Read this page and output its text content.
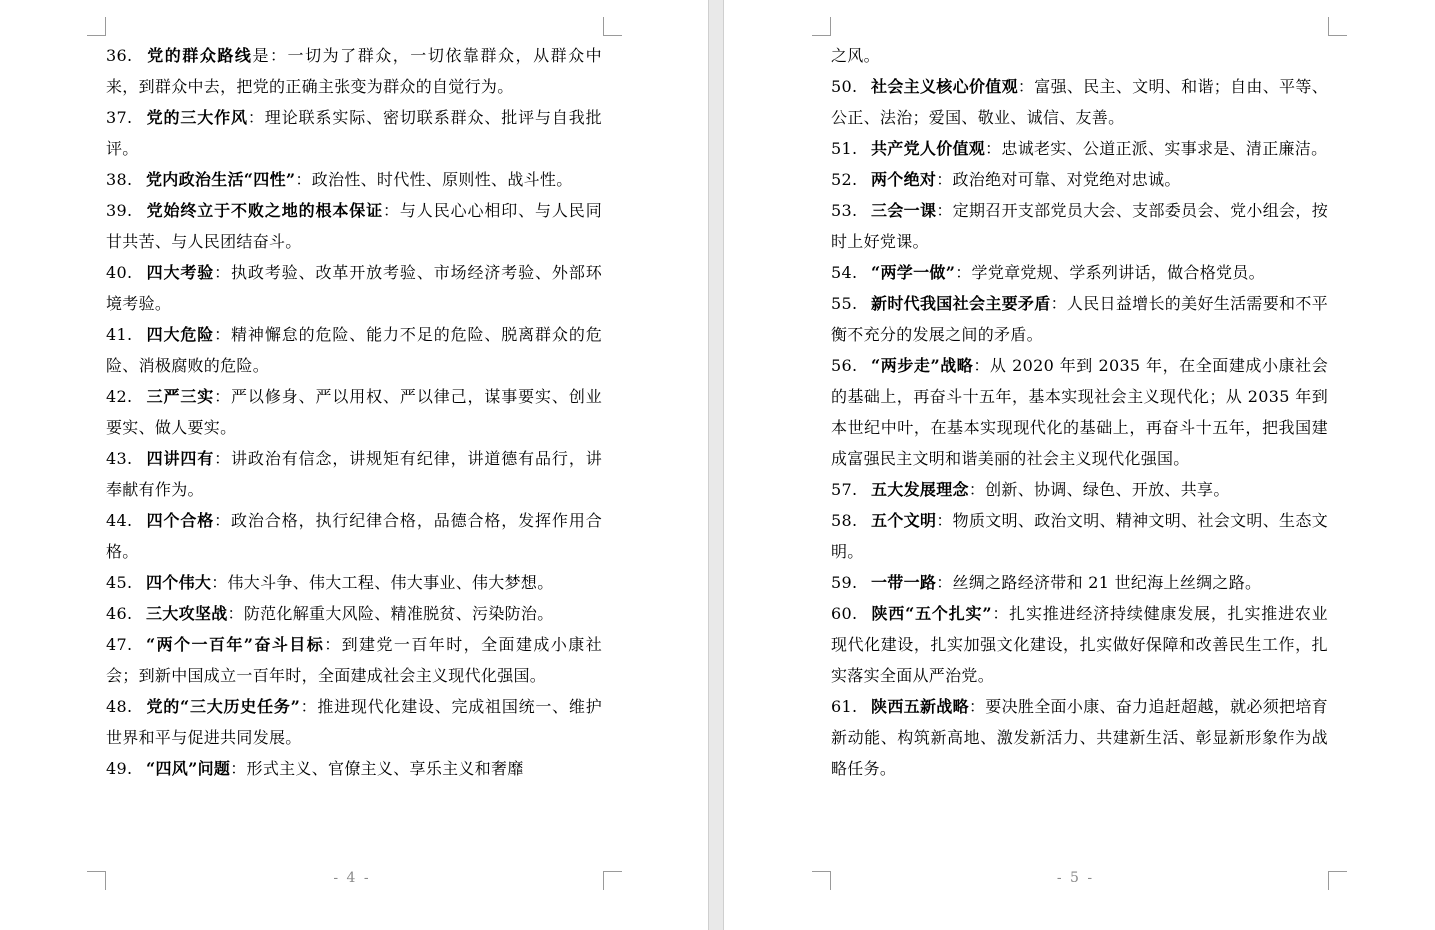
36. 党的群众路线是：一切为了群众，一切依靠群众，从群众中来，到群众中去，把党的正确主张变为群众的自觉行为。
37. 党的三大作风：理论联系实际、密切联系群众、批评与自我批评。
38. 党内政治生活“四性”：政治性、时代性、原则性、战斗性。
39. 党始终立于不败之地的根本保证：与人民心心相印、与人民同甘共苦、与人民团结奋斗。
40. 四大考验：执政考验、改革开放考验、市场经济考验、外部环境考验。
41. 四大危险：精神懈怠的危险、能力不足的危险、脱离群众的危险、消极腐败的危险。
42. 三严三实：严以修身、严以用权、严以律己，谋事要实、创业要实、做人要实。
43. 四讲四有：讲政治有信念，讲规矩有纪律，讲道德有品行，讲奉献有作为。
44. 四个合格：政治合格，执行纪律合格，品德合格，发挥作用合格。
45. 四个伟大：伟大斗争、伟大工程、伟大事业、伟大梦想。
46. 三大攻坚战：防范化解重大风险、精准脱贫、污染防治。
47. “两个一百年”奋斗目标：到建党一百年时，全面建成小康社会；到新中国成立一百年时，全面建成社会主义现代化强国。
48. 党的“三大历史任务”：推进现代化建设、完成祖国统一、维护世界和平与促进共同发展。
49. “四风”问题：形式主义、官僚主义、享乐主义和奢靡
- 4 -
之风。
50. 社会主义核心价值观：富强、民主、文明、和谐；自由、平等、公正、法治；爱国、敬业、诚信、友善。
51. 共产党人价值观：忠诚老实、公道正派、实事求是、清正廉洁。
52. 两个绝对：政治绝对可靠、对党绝对忠诚。
53. 三会一课：定期召开支部党员大会、支部委员会、党小组会，按时上好党课。
54. “两学一做”：学党章党规、学系列讲话，做合格党员。
55. 新时代我国社会主要矛盾：人民日益增长的美好生活需要和不平衡不充分的发展之间的矛盾。
56. “两步走”战略：从 2020 年到 2035 年，在全面建成小康社会的基础上，再奋斗十五年，基本实现社会主义现代化；从 2035 年到本世纪中叶，在基本实现现代化的基础上，再奋斗十五年，把我国建成富强民主文明和谐美丽的社会主义现代化强国。
57. 五大发展理念：创新、协调、绿色、开放、共享。
58. 五个文明：物质文明、政治文明、精神文明、社会文明、生态文明。
59. 一带一路：丝绸之路经济带和 21 世纪海上丝绸之路。
60. 陕西“五个扎实”：扎实推进经济持续健康发展，扎实推进农业现代化建设，扎实加强文化建设，扎实做好保障和改善民生工作，扎实落实全面从严治党。
61. 陕西五新战略：要决胜全面小康、奋力追赶超越，就必须把培育新动能、构筑新高地、激发新活力、共建新生活、彰显新形象作为战略任务。
- 5 -
